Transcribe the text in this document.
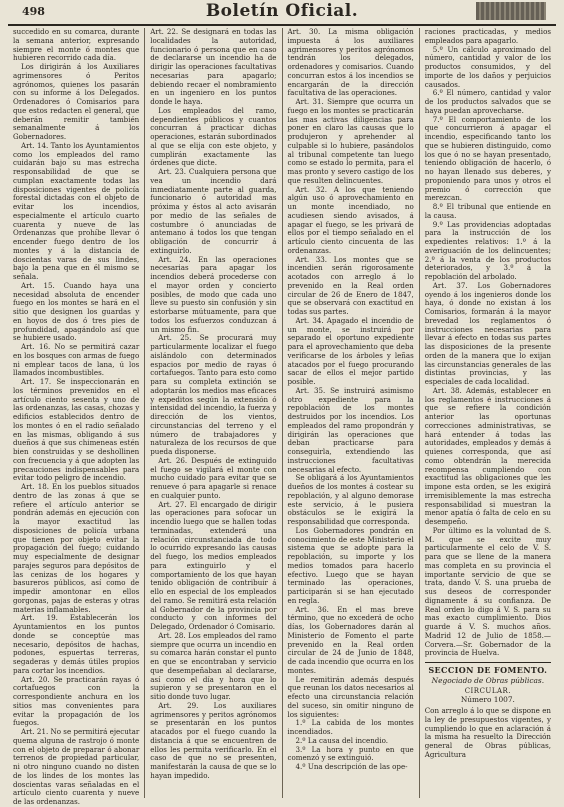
498	Boletín Oficial.

succedido en su comarca, durante la semana anterior, expresando siempre el monte ó montes que hubieren recorrido cada día.

Los dirigirán á los Auxiliares agrimensores ó Peritos agrónomos, quienes los pasarán con su informe á los Delegados. Ordenadores ó Comisarios para que estos redacten el general, que deberán remitir también semanalmente á los Gobernadores.

Art. 14. Tanto los Ayuntamientos como los empleados del ramo cuidarán bajo su mas estrecha responsabilidad de que se cumplan exactamente todas las disposiciones vigentes de policía forestal dictadas con el objeto de evitar los incendios, especialmente el artículo cuarto cuarenta y nueve de las Ordenanzas que prohíbe llevar ó encender fuego dentro de los montes y á la distancia de doscientas varas de sus lindes, bajo la pena que en él mismo se señala.

Art. 15. Cuando haya una necesidad absoluta de encender fuego en los montes se hará en el sitio que designen los guardas y en hoyos de dos ó tres pies de profundidad, apagándolo así que se hubiere usado.

Art. 16. No se permitirá cazar en los bosques con armas de fuego ni emplear tacos de lana, ú los llamados incombustibles.

Art. 17. Se inspeccionarán en los términos prevenidos en el artículo ciento sesenta y uno de las ordenanzas, las casas, chozas y edificios establecidos dentro de los montes ó en el radio señalado en las mismas, obligando á sus dueños á que sus chimeneas estén bien construidas y se deshollinen con frecuencia y á que adopten las precauciones indispensables para evitar todo peligro de incendio.

Art. 18. En los pueblos situados dentro de las zonas á que se refiere el artículo anterior se pondrán además en ejecución con la mayor exactitud las disposiciones de policía urbana que tienen por objeto evitar la propagación del fuego; cuidando muy especialmente de designar parajes seguros para depósitos de las cenizas de los hogares y basureros públicos, así como de impedir amontonar en ellos gorgonas, pajas de esteras y otras materias inflamables.

Art. 19. Establecerán los Ayuntamientos en los puntos donde se conceptúe mas necesario, depósitos de hachas, podones, espuertas terreras, segaderas y demás útiles propios para cortar los incendios.

Art. 20. Se practicarán rayas ó cortafuegos con la correspondiente anchura en los sitios mas convenientes para evitar la propagación de los fuegos.

Art. 21. No se permitirá ejecutar quema alguna de rastrojo ó monte con el objeto de preparar ó abonar terrenos de propiedad particular, ni otro ninguno cuando no disten de los lindes de los montes las doscientas varas señaladas en el artículo ciento cuarenta y nueve de las ordenanzas.

Art. 22. Se designará en todas las localidades la autoridad, funcionario ó persona que en caso de declararse un incendio ha de dirigir las operaciones facultativas necesarias para apagarlo; debiendo recaer el nombramiento en un ingeniero en los puntos donde le haya.

Los empleados del ramo, dependientes públicos y cuantos concurran á practicar dichas operaciones, estarán subordinados al que se elija con este objeto, y cumplirán exactamente las órdenes que dicte.

Art. 23. Cualquiera persona que vea un incendio dará inmediatamente parte al guarda, funcionario ó autoridad mas próxima y éstos al acto avisarán por medio de las señales de costumbre ó anunciadas de antemano á todos los que tengan obligación de concurrir á extinguirlo.

Art. 24. En las operaciones necesarias para apagar los incendios deberá procederse con el mayor orden y concierto posibles, de modo que cada uno lleve su puesto sin confusión y sin estorbarse mútuamente, para que todos los esfuerzos conduzcan á un mismo fin.

Art. 25. Se procurará muy particularmente localizar el fuego aislándolo con determinados espacios por medio de rayas ó cortafuegos. Tanto para esto como para su completa extinción se adoptarán los medios mas eficaces y expeditos según la extensión ó intensidad del incendio, la fuerza y dirección de los vientos, circunstancias del terreno y el número de trabajadores y naturaleza de los recursos de que pueda disponerse.

Art. 26. Después de extinguido el fuego se vigilará el monte con mucho cuidado para evitar que se renueve ó para apagarle si renace en cualquier punto.

Art. 27. El encargado de dirigir las operaciones para sofocar un incendio luego que se hallen todas terminadas, extenderá una relación circunstanciada de todo lo ocurrido expresando las causas del fuego, los medios empleados para extinguirlo y el comportamiento de los que hayan tenido obligación de contribuir á ello en especial de los empleados del ramo. Se remitirá esta relación al Gobernador de la provincia por conducto y con informes del Delegado, Ordenador ó Comisario.

Art. 28. Los empleados del ramo siempre que ocurra un incendio en su comarca harán constar el punto en que se encontraban y servicio que desempeñaban al declararse, así como el día y hora que lo supieron y se presentaron en el sitio donde tuvo lugar.

Art. 29. Los auxiliares agrimensores y peritos agrónomos se presentarán en los puntos atacados por el fuego cuando la distancia á que se encuentren de ellos les permita verificarlo. En el caso de que no se presenten, manifestarán la causa de que se lo hayan impedido.

Art. 30. La misma obligación impuesta á los auxiliares agrimensores y peritos agrónomos tendrán los delegados, ordenadores y comisarios. Cuando concurran estos á los incendios se encargarán de la dirección facultativa de las operaciones.

Art. 31. Siempre que ocurra un fuego en los montes se practicarán las mas activas diligencias para poner en claro las causas que lo produjeron y aprehender al culpable si lo hubiere, pasándolos al tribunal competente tan luego como se estado lo permita, para el mas pronto y severo castigo de los que resulten delincuentes.

Art. 32. A los que teniendo algún uso ó aprovechamiento en un monte incendiado, no acudiesen siendo avisados, á apagar el fuego, se les privará de ellos por el tiempo señalado en el artículo ciento cincuenta de las ordenanzas.

Art. 33. Los montes que se incendien serán rigorosamente acotados con arreglo á lo prevenido en la Real orden circular de 26 de Enero de 1847, que se observará con exactitud en todas sus partes.

Art. 34. Apagado el incendio de un monte, se instruirá por separado el oportuno expediente para el aprovechamiento que deba verificarse de los árboles y leñas atacados por el fuego procurando sacar de ellos el mejor partido posible.

Art. 35. Se instruirá asimismo otro expediente para la repoblación de los montes destruidos por los incendios. Los empleados del ramo propondrán y dirigirán las operaciones que deban practicarse para conseguirla, extendiendo las instrucciones facultativas necesarias al efecto.

Se obligará á los Ayuntamientos dueños de los montes á costear su repoblación, y al alguno demorase este servicio, á le pusiera obstáculos se le exigirá la responsabilidad que corresponda.

Los Gobernadores pondrán en conocimiento de este Ministerio el sistema que se adopte para la repoblación, su importe y los medios tomados para hacerlo efectivo. Luego que se hayan terminado las operaciones, participarán si se han ejecutado en regla.

Art. 36. En el mas breve término, que no excederá de ocho días, los Gobernadores darán al Ministerio de Fomento el parte prevenido en la Real orden circular de 24 de Junio de 1848, de cada incendio que ocurra en los montes.

Le remitirán además después que reunan los datos necesarios al efecto una circunstancia relación del suceso, sin omitir ninguno de los siguientes:

1.º La cabida de los montes incendiados.

2.º La causa del incendio.

3.º La hora y punto en que comenzó y se extinguió.

4.º Una descripción de las ope-

raciones practicadas, y medios empleados para apagarlo.

5.º Un cálculo aproximado del número, cantidad y valor de los productos consumidos, y del importe de los daños y perjuicios causados.

6.º El número, cantidad y valor de los productos salvados que se haya puedan aprovecharse.

7.º El comportamiento de los que concurrieron á apagar el incendio, especificando tanto los que se hubieren distinguido, como los que ó no se hayan presentado, teniendo obligación de hacerlo, ó no hayan llenado sus deberes, y proponiendo para unos y otros el premio ó corrección que merezcan.

8.º El tribunal que entiende en la causa.

9.º Las providencias adoptadas para la instrucción de los expedientes relativos: 1.º á la averiguación de los delincuentes; 2.º á la venta de los productos deteriorados, y 3.º á la repoblación del arbolado.

Art. 37. Los Gobernadores oyendo á los ingenieros donde los haya, ó donde no existan á los Comisarios, formarán á la mayor brevedad los reglamentos ó instrucciones necesarias para llevar á efecto en todas sus partes las disposiciones de la presente orden de la manera que lo exijan las circunstancias generales de las distintas provincias, y las especiales de cada localidad.

Art. 38. Además, establecer en los reglamentos é instrucciones á que se refiere la condición anterior las oportunas correcciones administrativas, se hará entender á todas las autoridades, empleados y demás á quienes corresponda, que así como obtendrán la merecida recompensa cumpliendo con exactitud las obligaciones que les impone esta orden, se les exigirá irremisiblemente la mas estrecha responsabilidad si muestran la menor apatía ó falta de celo en su desempeño.

Por último es la voluntad de S. M. que se excite muy particularmente el celo de V. S. para que se llene de la manera mas completa en su provincia el importante servicio de que se trata, dando V. S. una prueba de sus deseos de corresponder dignamente á su confianza. De Real orden lo digo á V. S. para su mas exacto cumplimiento. Dios guarde á V. S. muchos años. Madrid 12 de Julio de 1858.—Corvera.—Sr. Gobernador de la provincia de Huelva.

SECCION DE FOMENTO.
Negociado de Obras públicas.
CIRCULAR.
Número 1007.

Con arreglo á lo que se dispone en la ley de presupuestos vigentes, y cumpliendo lo que en aclaración á la misma ha resuelto la Dirección general de Obras públicas, Agricultura
